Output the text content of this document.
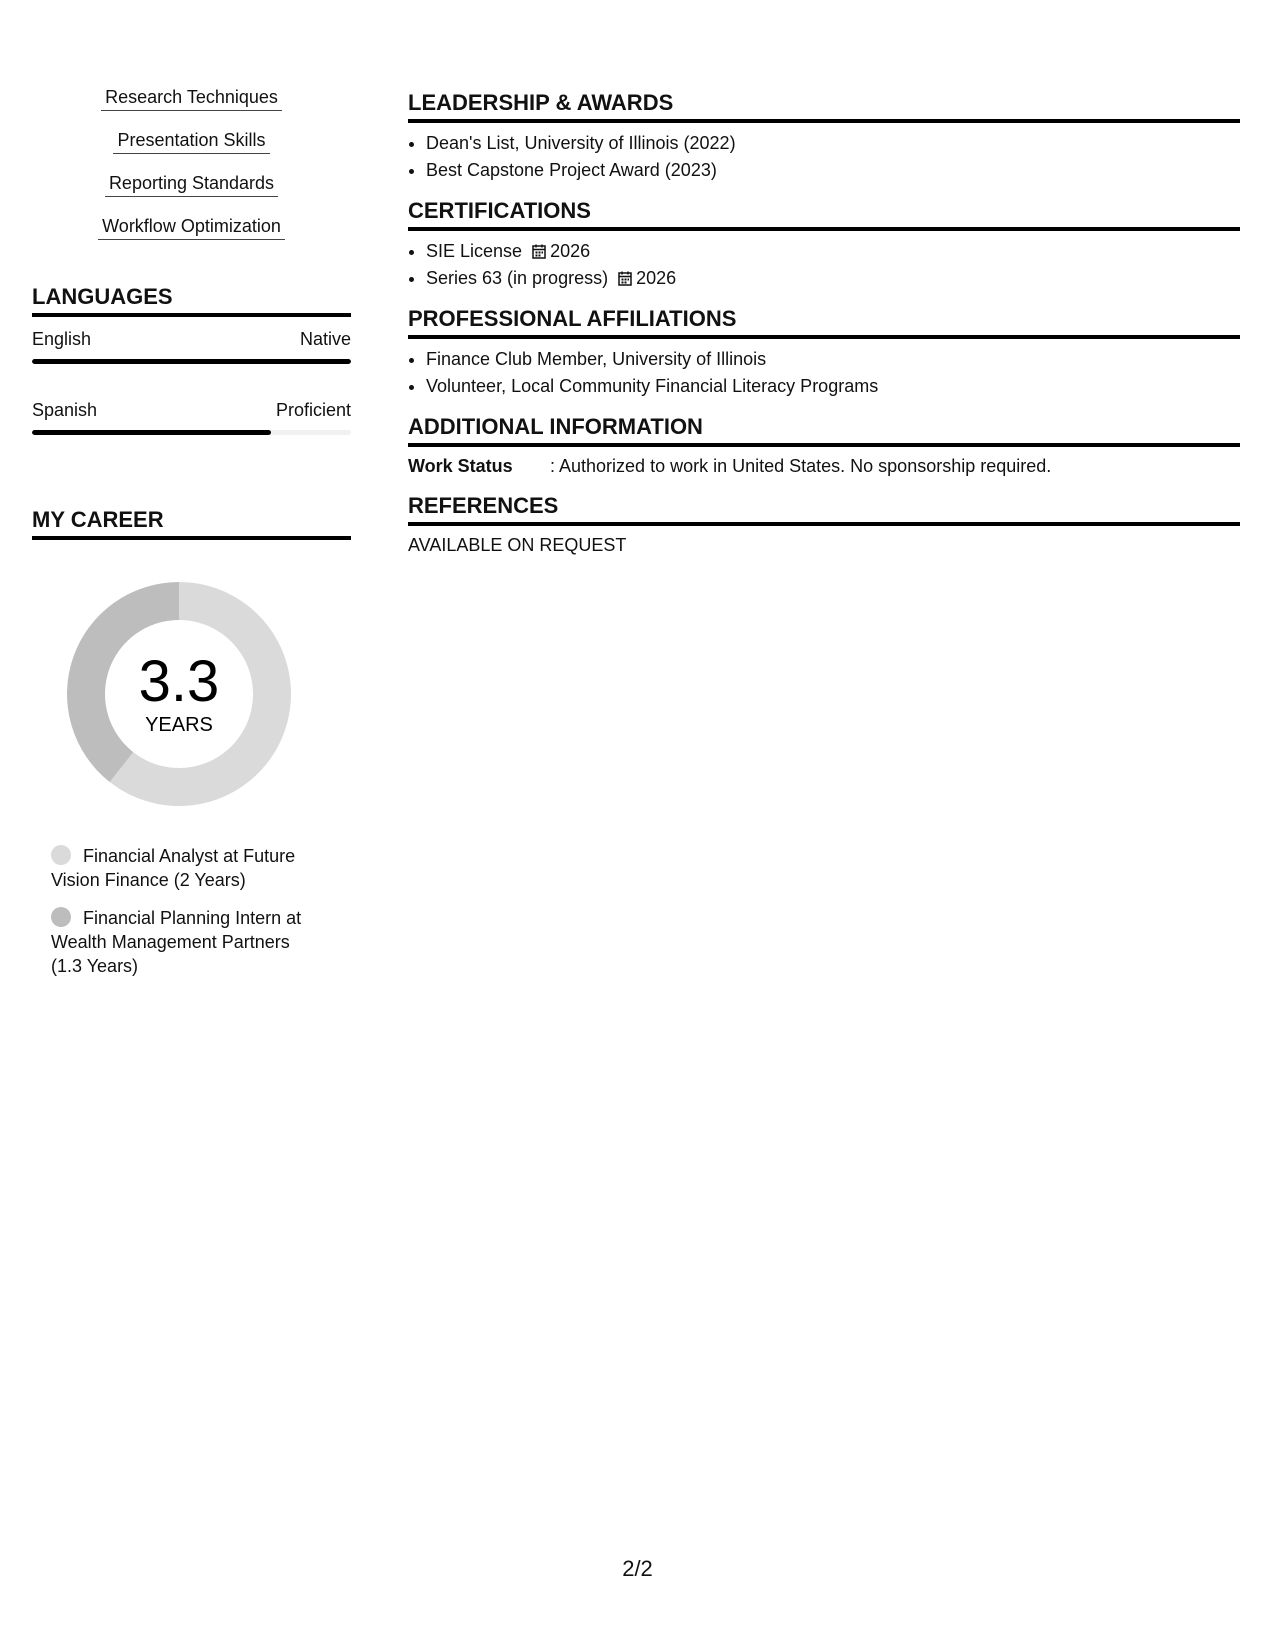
Research Techniques
Presentation Skills
Reporting Standards
Workflow Optimization
LANGUAGES
English	Native
Spanish	Proficient
MY CAREER
3.3
YEARS
Financial Analyst at Future Vision Finance (2 Years)
Financial Planning Intern at Wealth Management Partners (1.3 Years)
LEADERSHIP & AWARDS
• Dean's List, University of Illinois (2022)
• Best Capstone Project Award (2023)
CERTIFICATIONS
• SIE License 2026
• Series 63 (in progress) 2026
PROFESSIONAL AFFILIATIONS
• Finance Club Member, University of Illinois
• Volunteer, Local Community Financial Literacy Programs
ADDITIONAL INFORMATION
Work Status	: Authorized to work in United States. No sponsorship required.
REFERENCES
AVAILABLE ON REQUEST
2/2
